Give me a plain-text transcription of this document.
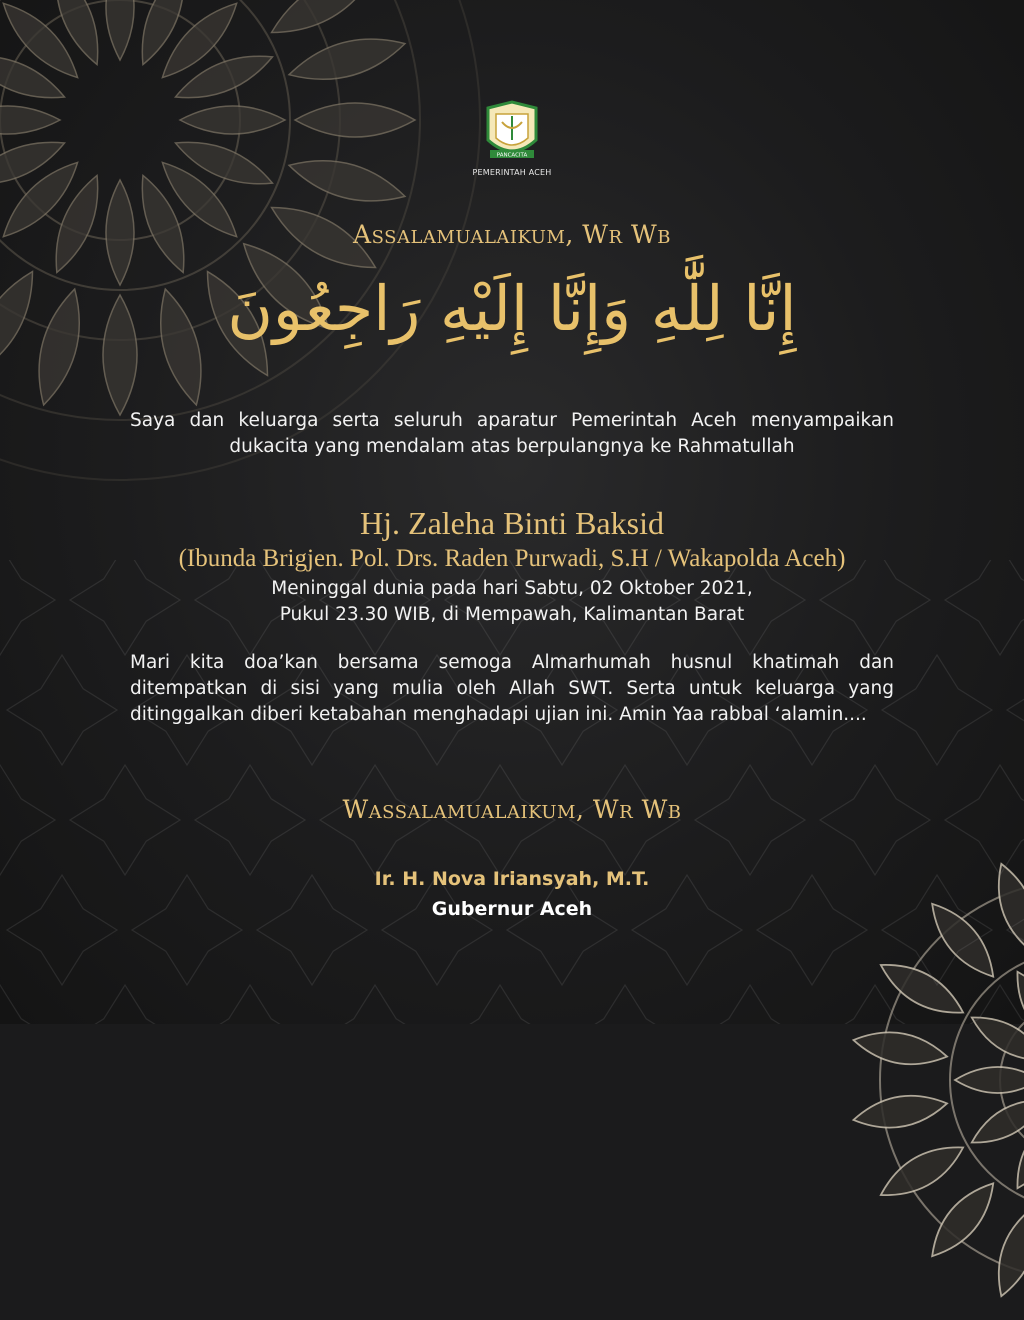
PANCACITA
PEMERINTAH ACEH
Assalamualaikum, Wr Wb
إِنَّا لِلَّٰهِ وَإِنَّا إِلَيْهِ رَاجِعُونَ
Saya dan keluarga serta seluruh aparatur Pemerintah Aceh menyampaikan dukacita yang mendalam atas berpulangnya ke Rahmatullah
Hj. Zaleha Binti Baksid
(Ibunda Brigjen. Pol. Drs. Raden Purwadi, S.H / Wakapolda Aceh)
Meninggal dunia pada hari Sabtu, 02 Oktober 2021,
Pukul 23.30 WIB, di Mempawah, Kalimantan Barat
Mari kita doa’kan bersama semoga Almarhumah husnul khatimah dan ditempatkan di sisi yang mulia oleh Allah SWT. Serta untuk keluarga yang ditinggalkan diberi ketabahan menghadapi ujian ini. Amin Yaa rabbal ‘alamin....
Wassalamualaikum, Wr Wb
Ir. H. Nova Iriansyah, M.T.
Gubernur Aceh
